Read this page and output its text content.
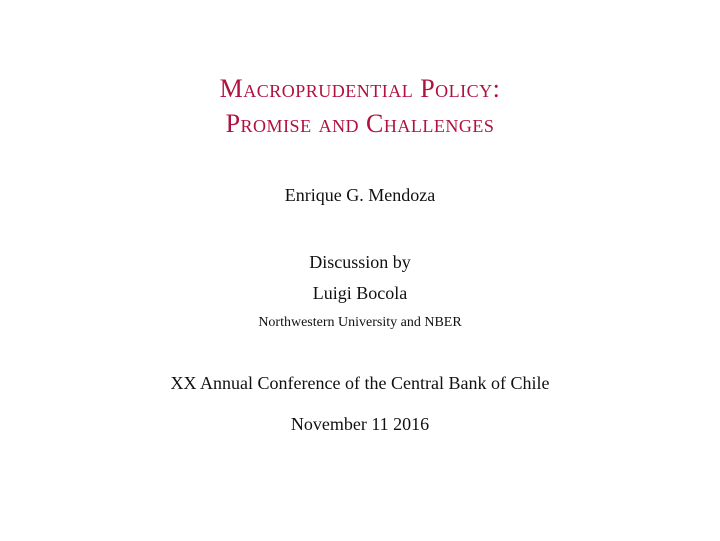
Macroprudential Policy:
Promise and Challenges
Enrique G. Mendoza
Discussion by
Luigi Bocola
Northwestern University and NBER
XX Annual Conference of the Central Bank of Chile
November 11 2016
